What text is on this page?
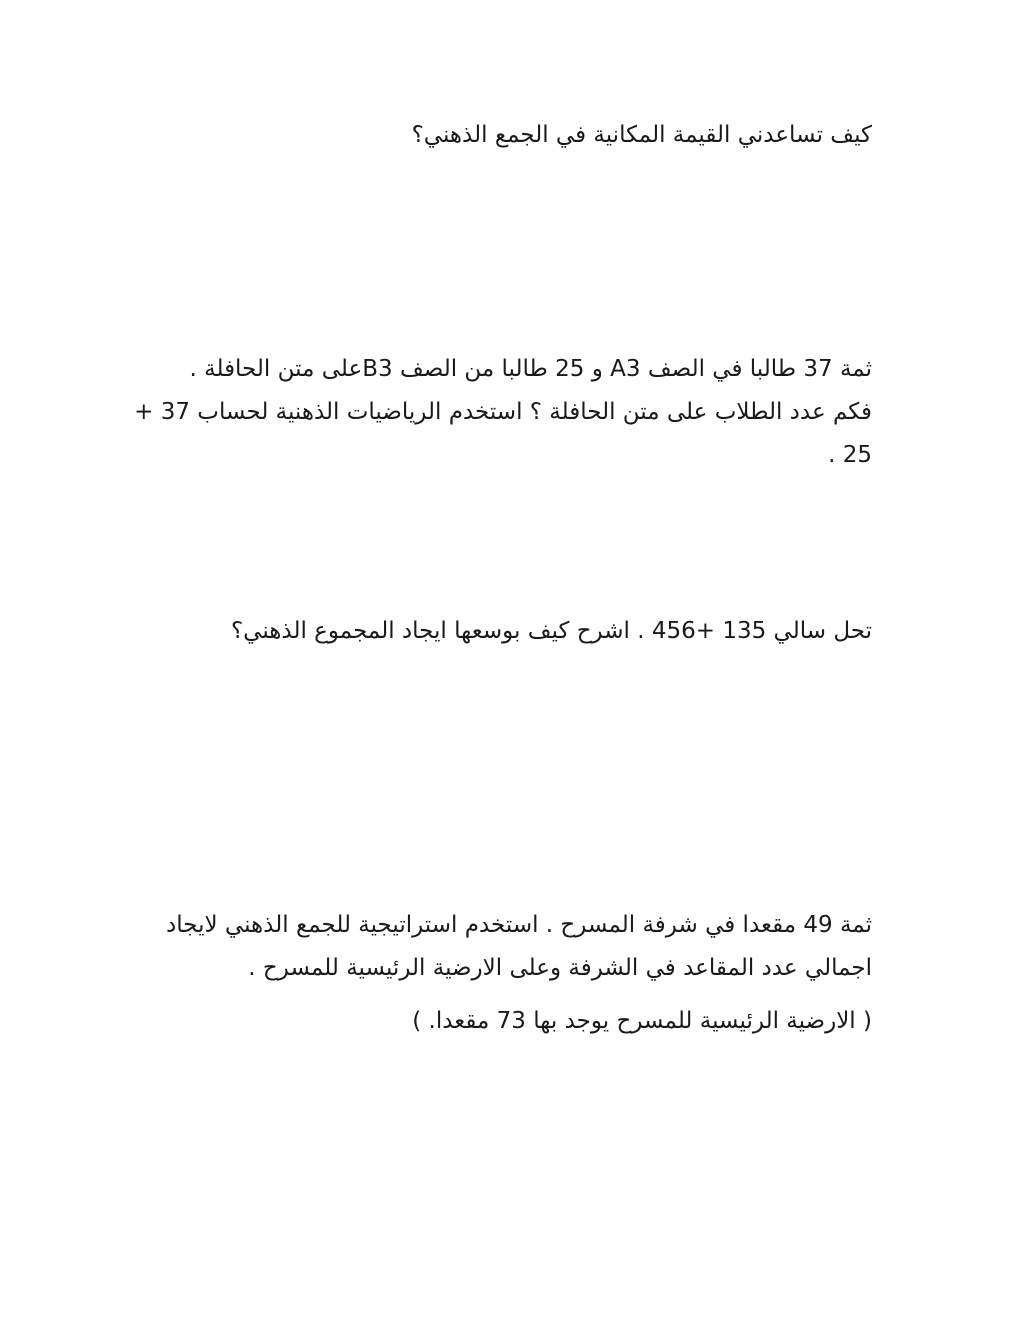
كيف تساعدني القيمة المكانية في الجمع الذهني؟
ثمة 37 طالبا في الصف A3 و 25 طالبا من الصف B3على متن الحافلة .
فكم عدد الطلاب على متن الحافلة ؟ استخدم الرياضيات الذهنية لحساب 37 +
25 .
تحل سالي 135 +456 . اشرح كيف بوسعها ايجاد المجموع الذهني؟
ثمة 49 مقعدا في شرفة المسرح . استخدم استراتيجية للجمع الذهني لايجاد
اجمالي عدد المقاعد في الشرفة وعلى الارضية الرئيسية للمسرح .
( الارضية الرئيسية للمسرح يوجد بها 73 مقعدا. )
